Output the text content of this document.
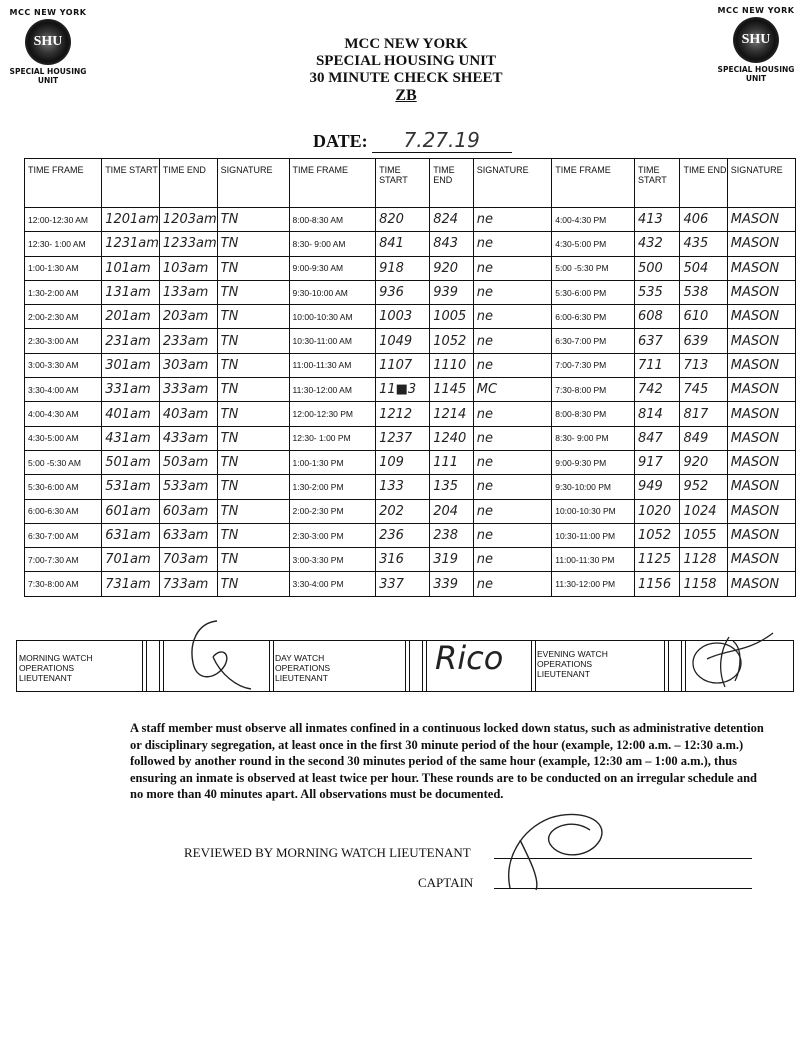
MCC NEW YORK
SHU
SPECIAL HOUSING UNIT
MCC NEW YORK
SHU
SPECIAL HOUSING UNIT
MCC NEW YORK
SPECIAL HOUSING UNIT
30 MINUTE CHECK SHEET
ZB
DATE: 7.27.19
TIME FRAME	TIME START	TIME END	SIGNATURE	TIME FRAME	TIME START	TIME END	SIGNATURE	TIME FRAME	TIME START	TIME END	SIGNATURE
12:00-12:30 AM	1201am	1203am	TN	8:00-8:30 AM	820	824	ne	4:00-4:30 PM	413	406	MASON
12:30- 1:00 AM	1231am	1233am	TN	8:30- 9:00 AM	841	843	ne	4:30-5:00 PM	432	435	MASON
1:00-1:30 AM	101am	103am	TN	9:00-9:30 AM	918	920	ne	5:00 -5:30 PM	500	504	MASON
1:30-2:00 AM	131am	133am	TN	9:30-10:00 AM	936	939	ne	5:30-6:00 PM	535	538	MASON
2:00-2:30 AM	201am	203am	TN	10:00-10:30 AM	1003	1005	ne	6:00-6:30 PM	608	610	MASON
2:30-3:00 AM	231am	233am	TN	10:30-11:00 AM	1049	1052	ne	6:30-7:00 PM	637	639	MASON
3:00-3:30 AM	301am	303am	TN	11:00-11:30 AM	1107	1110	ne	7:00-7:30 PM	711	713	MASON
3:30-4:00 AM	331am	333am	TN	11:30-12:00 AM	11■3	1145	MC	7:30-8:00 PM	742	745	MASON
4:00-4:30 AM	401am	403am	TN	12:00-12:30 PM	1212	1214	ne	8:00-8:30 PM	814	817	MASON
4:30-5:00 AM	431am	433am	TN	12:30- 1:00 PM	1237	1240	ne	8:30- 9:00 PM	847	849	MASON
5:00 -5:30 AM	501am	503am	TN	1:00-1:30 PM	109	111	ne	9:00-9:30 PM	917	920	MASON
5:30-6:00 AM	531am	533am	TN	1:30-2:00 PM	133	135	ne	9:30-10:00 PM	949	952	MASON
6:00-6:30 AM	601am	603am	TN	2:00-2:30 PM	202	204	ne	10:00-10:30 PM	1020	1024	MASON
6:30-7:00 AM	631am	633am	TN	2:30-3:00 PM	236	238	ne	10:30-11:00 PM	1052	1055	MASON
7:00-7:30 AM	701am	703am	TN	3:00-3:30 PM	316	319	ne	11:00-11:30 PM	1125	1128	MASON
7:30-8:00 AM	731am	733am	TN	3:30-4:00 PM	337	339	ne	11:30-12:00 PM	1156	1158	MASON
MORNING WATCH
OPERATIONS
LIEUTENANT
DAY WATCH
OPERATIONS
LIEUTENANT
Rico	EVENING WATCH
OPERATIONS
LIEUTENANT
A staff member must observe all inmates confined in a continuous locked down status, such as administrative detention or disciplinary segregation, at least once in the first 30 minute period of the hour (example, 12:00 a.m. – 12:30 a.m.) followed by another round in the second 30 minutes period of the same hour (example, 12:30 am – 1:00 a.m.), thus ensuring an inmate is observed at least twice per hour. These rounds are to be conducted on an irregular schedule and no more than 40 minutes apart. All observations must be documented.
REVIEWED BY MORNING WATCH LIEUTENANT
CAPTAIN
